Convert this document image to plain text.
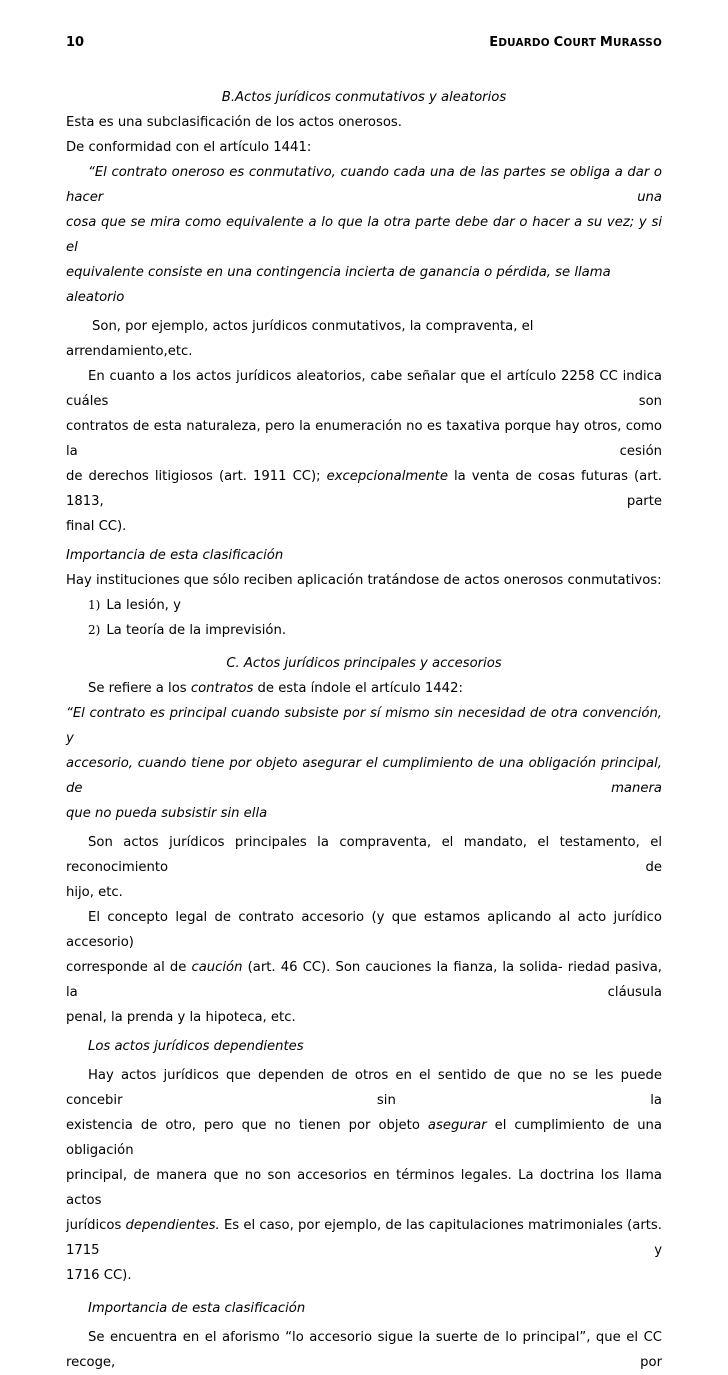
10	EDUARDO COURT MURASSO

B.Actos jurídicos conmutativos y aleatorios

Esta es una subclasificación de los actos onerosos.

De conformidad con el artículo 1441:

“El contrato oneroso es conmutativo, cuando cada una de las partes se obliga a dar o hacer una

cosa que se mira como equivalente a lo que la otra parte debe dar o hacer a su vez; y si el

equivalente consiste en una contingencia incierta de ganancia o pérdida, se llama aleatorio

Son, por ejemplo, actos jurídicos conmutativos, la compraventa, el arrendamiento,etc.

En cuanto a los actos jurídicos aleatorios, cabe señalar que el artículo 2258 CC indica cuáles son

contratos de esta naturaleza, pero la enumeración no es taxativa porque hay otros, como la cesión

de derechos litigiosos (art. 1911 CC); excepcionalmente la venta de cosas futuras (art. 1813, parte

final CC).

Importancia de esta clasificación

Hay instituciones que sólo reciben aplicación tratándose de actos onerosos conmutativos:

1) La lesión, y

2) La teoría de la imprevisión.

C. Actos jurídicos principales y accesorios

Se refiere a los contratos de esta índole el artículo 1442:

“El contrato es principal cuando subsiste por sí mismo sin necesidad de otra convención, y

accesorio, cuando tiene por objeto asegurar el cumplimiento de una obligación principal, de manera

que no pueda subsistir sin ella

Son actos jurídicos principales la compraventa, el mandato, el testamento, el reconocimiento de

hijo, etc.

El concepto legal de contrato accesorio (y que estamos aplicando al acto jurídico accesorio)

corresponde al de caución (art. 46 CC). Son cauciones la fianza, la solida- riedad pasiva, la cláusula

penal, la prenda y la hipoteca, etc.

Los actos jurídicos dependientes

Hay actos jurídicos que dependen de otros en el sentido de que no se les puede concebir sin la

existencia de otro, pero que no tienen por objeto asegurar el cumplimiento de una obligación

principal, de manera que no son accesorios en términos legales. La doctrina los llama actos

jurídicos dependientes. Es el caso, por ejemplo, de las capitulaciones matrimoniales (arts. 1715 y

1716 CC).

Importancia de esta clasificación

Se encuentra en el aforismo “lo accesorio sigue la suerte de lo principal”, que el CC recoge, por
